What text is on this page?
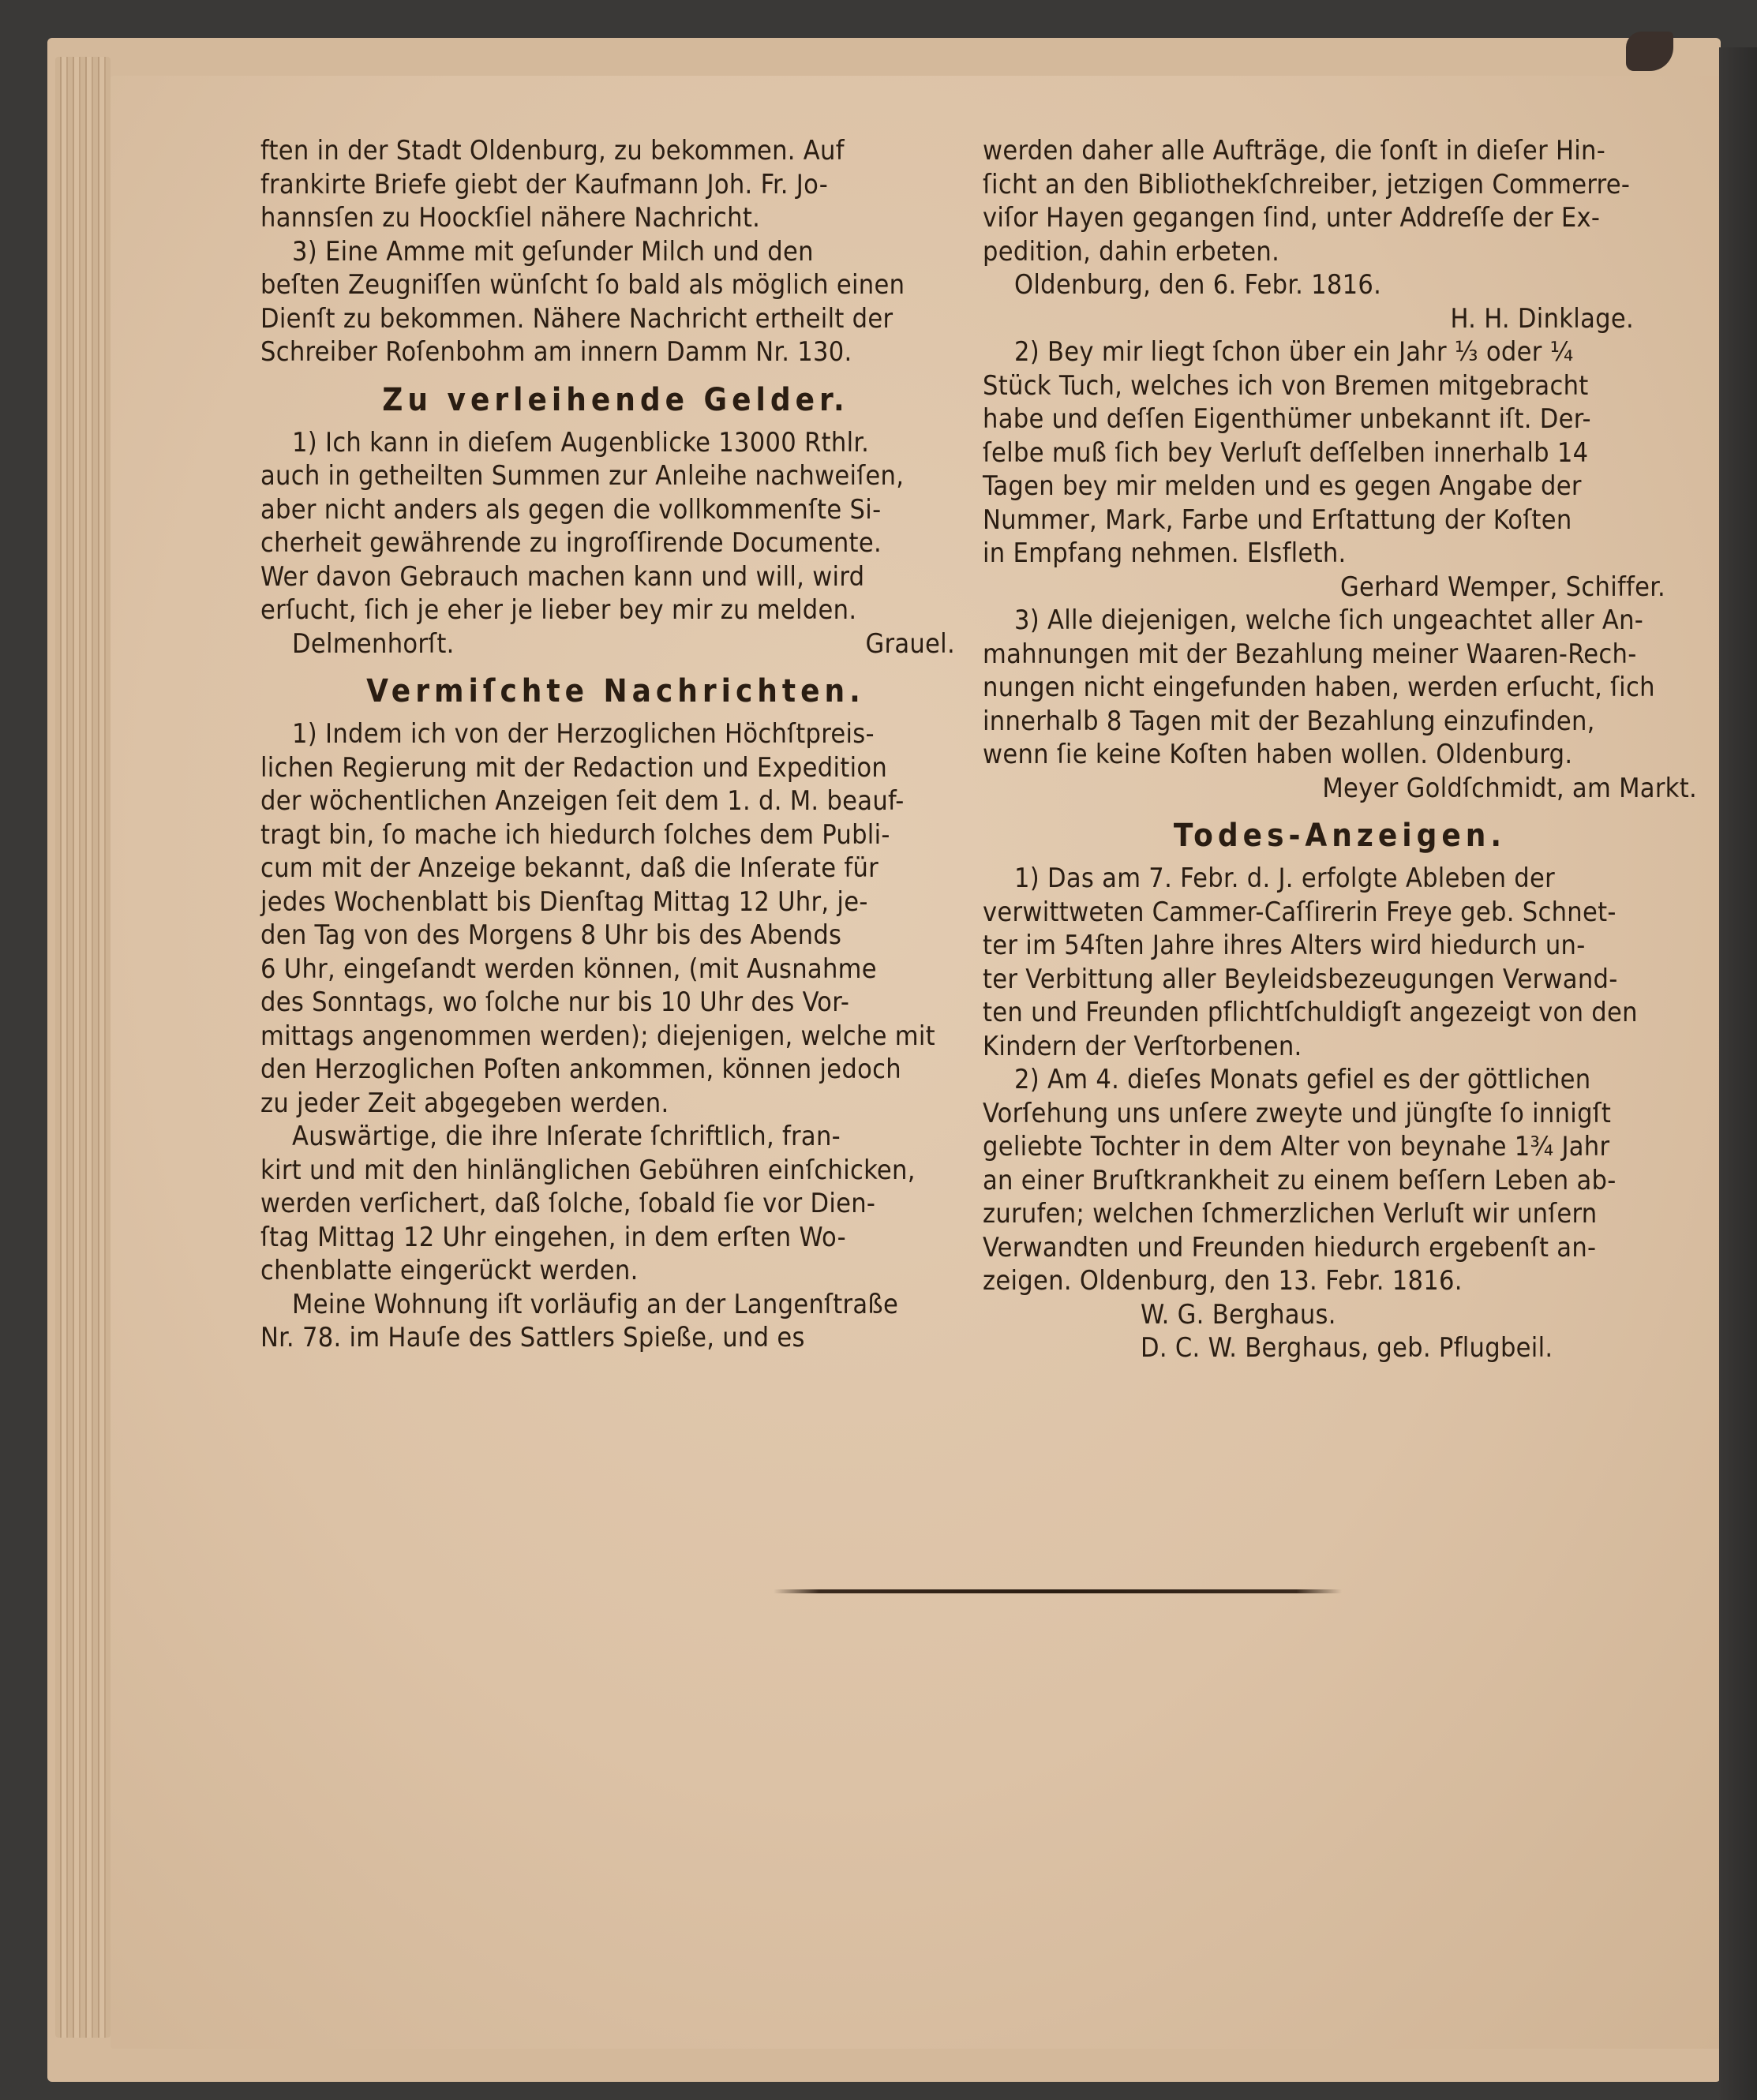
ften in der Stadt Oldenburg, zu bekommen. Auf

frankirte Briefe giebt der Kaufmann Joh. Fr. Jo-

hannsſen zu Hoockſiel nähere Nachricht.

3) Eine Amme mit geſunder Milch und den

beſten Zeugniſſen wünſcht ſo bald als möglich einen

Dienſt zu bekommen. Nähere Nachricht ertheilt der

Schreiber Roſenbohm am innern Damm Nr. 130.

Zu verleihende Gelder.

1) Ich kann in dieſem Augenblicke 13000 Rthlr.

auch in getheilten Summen zur Anleihe nachweiſen,

aber nicht anders als gegen die vollkommenſte Si-

cherheit gewährende zu ingroſſirende Documente.

Wer davon Gebrauch machen kann und will, wird

erſucht, ſich je eher je lieber bey mir zu melden.

Delmenhorſt.	Grauel.

Vermiſchte Nachrichten.

1) Indem ich von der Herzoglichen Höchſtpreis-

lichen Regierung mit der Redaction und Expedition

der wöchentlichen Anzeigen ſeit dem 1. d. M. beauf-

tragt bin, ſo mache ich hiedurch ſolches dem Publi-

cum mit der Anzeige bekannt, daß die Inſerate für

jedes Wochenblatt bis Dienſtag Mittag 12 Uhr, je-

den Tag von des Morgens 8 Uhr bis des Abends

6 Uhr, eingeſandt werden können, (mit Ausnahme

des Sonntags, wo ſolche nur bis 10 Uhr des Vor-

mittags angenommen werden); diejenigen, welche mit

den Herzoglichen Poſten ankommen, können jedoch

zu jeder Zeit abgegeben werden.

Auswärtige, die ihre Inſerate ſchriftlich, fran-

kirt und mit den hinlänglichen Gebühren einſchicken,

werden verſichert, daß ſolche, ſobald ſie vor Dien-

ſtag Mittag 12 Uhr eingehen, in dem erſten Wo-

chenblatte eingerückt werden.

Meine Wohnung iſt vorläufig an der Langenſtraße

Nr. 78. im Hauſe des Sattlers Spieße, und es

werden daher alle Aufträge, die ſonſt in dieſer Hin-

ſicht an den Bibliothekſchreiber, jetzigen Commerre-

viſor Hayen gegangen ſind, unter Addreſſe der Ex-

pedition, dahin erbeten.

Oldenburg, den 6. Febr. 1816.

H. H. Dinklage.

2) Bey mir liegt ſchon über ein Jahr ⅓ oder ¼

Stück Tuch, welches ich von Bremen mitgebracht

habe und deſſen Eigenthümer unbekannt iſt. Der-

ſelbe muß ſich bey Verluſt deſſelben innerhalb 14

Tagen bey mir melden und es gegen Angabe der

Nummer, Mark, Farbe und Erſtattung der Koſten

in Empfang nehmen. Elsfleth.

Gerhard Wemper, Schiffer.

3) Alle diejenigen, welche ſich ungeachtet aller An-

mahnungen mit der Bezahlung meiner Waaren-Rech-

nungen nicht eingefunden haben, werden erſucht, ſich

innerhalb 8 Tagen mit der Bezahlung einzufinden,

wenn ſie keine Koſten haben wollen. Oldenburg.

Meyer Goldſchmidt, am Markt.

Todes-Anzeigen.

1) Das am 7. Febr. d. J. erfolgte Ableben der

verwittweten Cammer-Caſſirerin Freye geb. Schnet-

ter im 54ſten Jahre ihres Alters wird hiedurch un-

ter Verbittung aller Beyleidsbezeugungen Verwand-

ten und Freunden pflichtſchuldigſt angezeigt von den

Kindern der Verſtorbenen.

2) Am 4. dieſes Monats gefiel es der göttlichen

Vorſehung uns unſere zweyte und jüngſte ſo innigſt

geliebte Tochter in dem Alter von beynahe 1¾ Jahr

an einer Bruſtkrankheit zu einem beſſern Leben ab-

zurufen; welchen ſchmerzlichen Verluſt wir unſern

Verwandten und Freunden hiedurch ergebenſt an-

zeigen. Oldenburg, den 13. Febr. 1816.

W. G. Berghaus.

D. C. W. Berghaus, geb. Pflugbeil.
